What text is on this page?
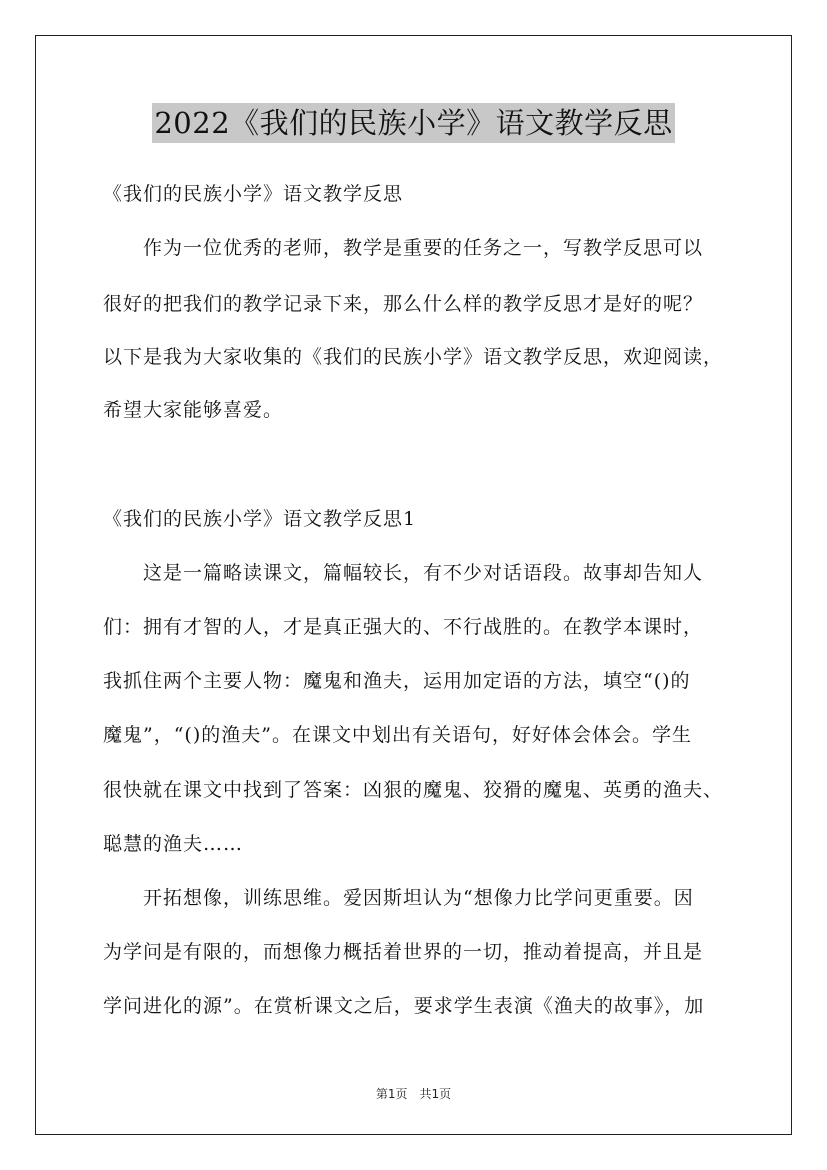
2022《我们的民族小学》语文教学反思
《我们的民族小学》语文教学反思
作为一位优秀的老师，教学是重要的任务之一，写教学反思可以
很好的把我们的教学记录下来，那么什么样的教学反思才是好的呢？
以下是我为大家收集的《我们的民族小学》语文教学反思，欢迎阅读，
希望大家能够喜爱。
《我们的民族小学》语文教学反思1
这是一篇略读课文，篇幅较长，有不少对话语段。故事却告知人
们：拥有才智的人，才是真正强大的、不行战胜的。在教学本课时，
我抓住两个主要人物：魔鬼和渔夫，运用加定语的方法，填空“()的
魔鬼”，“()的渔夫”。在课文中划出有关语句，好好体会体会。学生
很快就在课文中找到了答案：凶狠的魔鬼、狡猾的魔鬼、英勇的渔夫、
聪慧的渔夫……
开拓想像，训练思维。爱因斯坦认为“想像力比学问更重要。因
为学问是有限的，而想像力概括着世界的一切，推动着提高，并且是
学问进化的源”。在赏析课文之后，要求学生表演《渔夫的故事》，加
第1页　共1页
